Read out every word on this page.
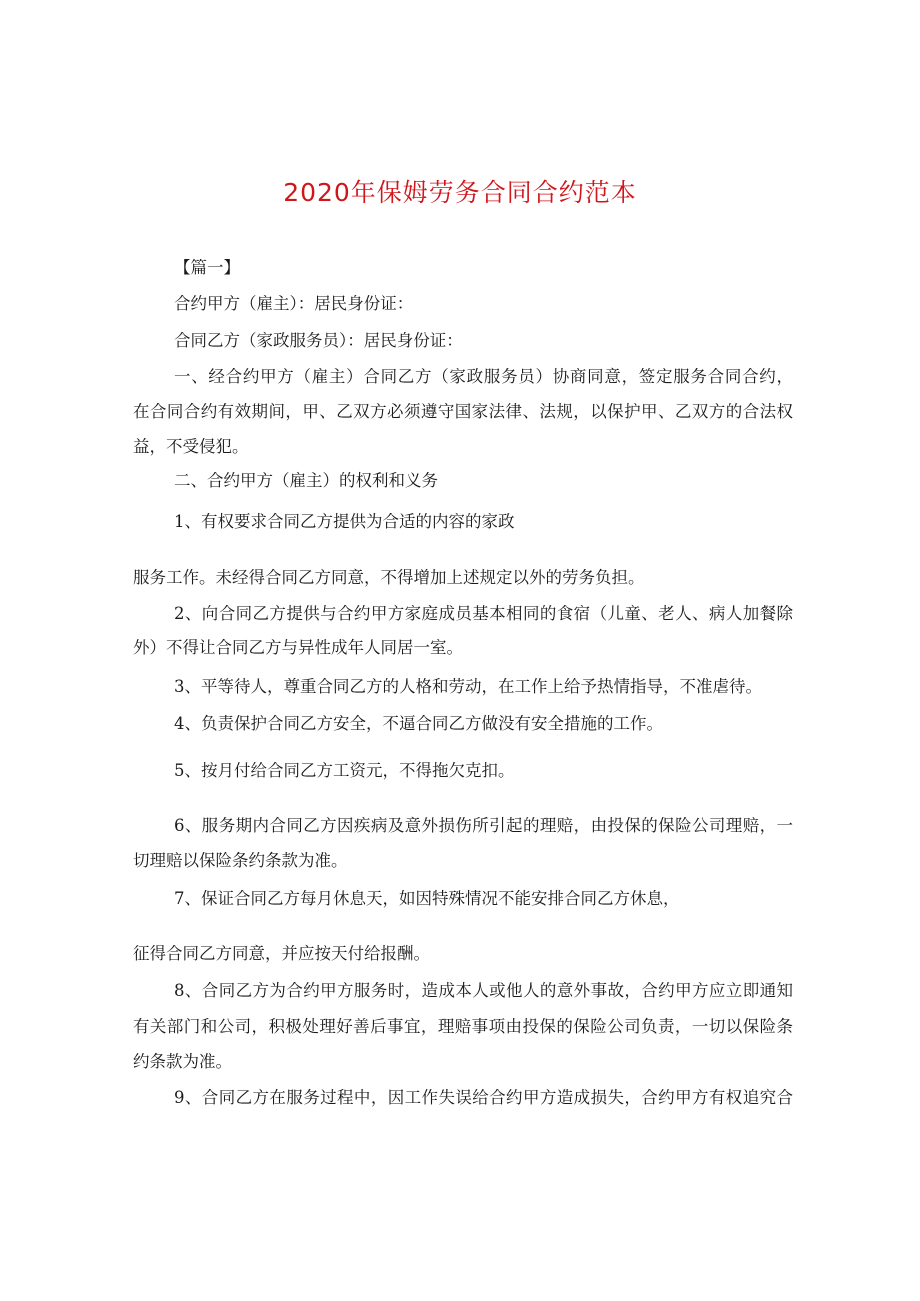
2020年保姆劳务合同合约范本
【篇一】
合约甲方（雇主）：居民身份证：
合同乙方（家政服务员）：居民身份证：
一、经合约甲方（雇主）合同乙方（家政服务员）协商同意，签定服务合同合约，
在合同合约有效期间，甲、乙双方必须遵守国家法律、法规，以保护甲、乙双方的合法权
益，不受侵犯。
二、合约甲方（雇主）的权利和义务
1、有权要求合同乙方提供为合适的内容的家政
服务工作。未经得合同乙方同意，不得增加上述规定以外的劳务负担。
2、向合同乙方提供与合约甲方家庭成员基本相同的食宿（儿童、老人、病人加餐除
外）不得让合同乙方与异性成年人同居一室。
3、平等待人，尊重合同乙方的人格和劳动，在工作上给予热情指导，不准虐待。
4、负责保护合同乙方安全，不逼合同乙方做没有安全措施的工作。
5、按月付给合同乙方工资元，不得拖欠克扣。
6、服务期内合同乙方因疾病及意外损伤所引起的理赔，由投保的保险公司理赔，一
切理赔以保险条约条款为准。
7、保证合同乙方每月休息天，如因特殊情况不能安排合同乙方休息，
征得合同乙方同意，并应按天付给报酬。
8、合同乙方为合约甲方服务时，造成本人或他人的意外事故，合约甲方应立即通知
有关部门和公司，积极处理好善后事宜，理赔事项由投保的保险公司负责，一切以保险条
约条款为准。
9、合同乙方在服务过程中，因工作失误给合约甲方造成损失，合约甲方有权追究合
